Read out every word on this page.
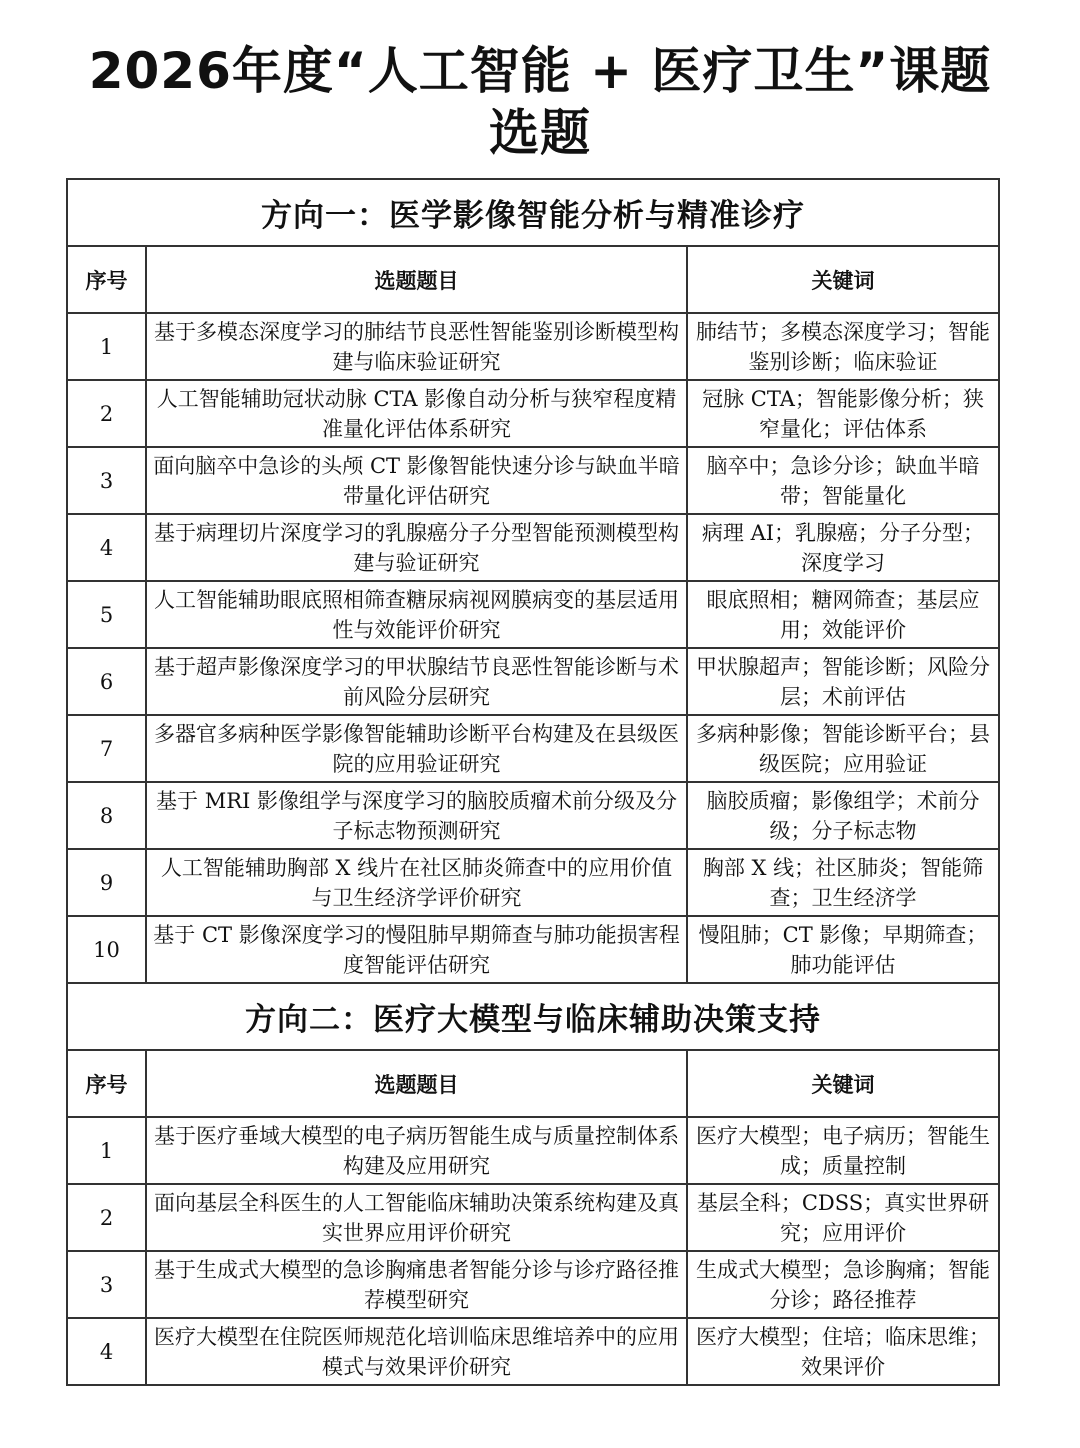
2026年度“人工智能 + 医疗卫生”课题
选题
方向一：医学影像智能分析与精准诊疗		
序号	选题题目	关键词
1	基于多模态深度学习的肺结节良恶性智能鉴别诊断模型构建与临床验证研究	肺结节；多模态深度学习；智能鉴别诊断；临床验证
2	人工智能辅助冠状动脉 CTA 影像自动分析与狭窄程度精准量化评估体系研究	冠脉 CTA；智能影像分析；狭窄量化；评估体系
3	面向脑卒中急诊的头颅 CT 影像智能快速分诊与缺血半暗带量化评估研究	脑卒中；急诊分诊；缺血半暗带；智能量化
4	基于病理切片深度学习的乳腺癌分子分型智能预测模型构建与验证研究	病理 AI；乳腺癌；分子分型；深度学习
5	人工智能辅助眼底照相筛查糖尿病视网膜病变的基层适用性与效能评价研究	眼底照相；糖网筛查；基层应用；效能评价
6	基于超声影像深度学习的甲状腺结节良恶性智能诊断与术前风险分层研究	甲状腺超声；智能诊断；风险分层；术前评估
7	多器官多病种医学影像智能辅助诊断平台构建及在县级医院的应用验证研究	多病种影像；智能诊断平台；县级医院；应用验证
8	基于 MRI 影像组学与深度学习的脑胶质瘤术前分级及分子标志物预测研究	脑胶质瘤；影像组学；术前分级；分子标志物
9	人工智能辅助胸部 X 线片在社区肺炎筛查中的应用价值与卫生经济学评价研究	胸部 X 线；社区肺炎；智能筛查；卫生经济学
10	基于 CT 影像深度学习的慢阻肺早期筛查与肺功能损害程度智能评估研究	慢阻肺；CT 影像；早期筛查；肺功能评估
方向二：医疗大模型与临床辅助决策支持		
序号	选题题目	关键词
1	基于医疗垂域大模型的电子病历智能生成与质量控制体系构建及应用研究	医疗大模型；电子病历；智能生成；质量控制
2	面向基层全科医生的人工智能临床辅助决策系统构建及真实世界应用评价研究	基层全科；CDSS；真实世界研究；应用评价
3	基于生成式大模型的急诊胸痛患者智能分诊与诊疗路径推荐模型研究	生成式大模型；急诊胸痛；智能分诊；路径推荐
4	医疗大模型在住院医师规范化培训临床思维培养中的应用模式与效果评价研究	医疗大模型；住培；临床思维；效果评价
